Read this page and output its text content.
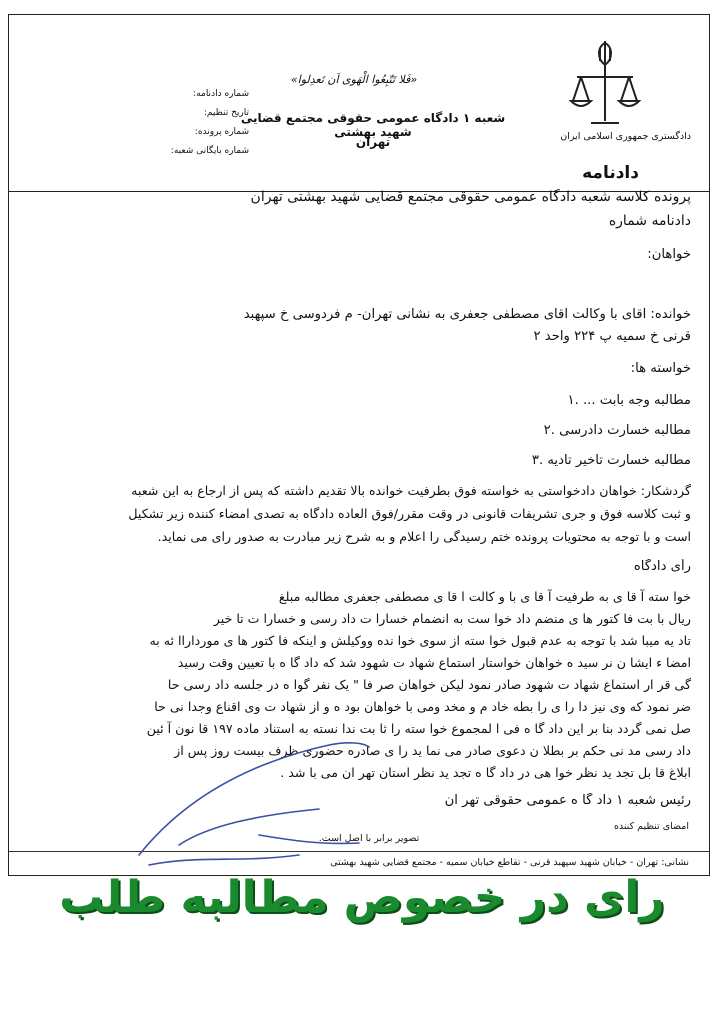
دادگستری جمهوری اسلامی ایران
«فَلا تَتّبِعُوا الْهَوی اَن تَعدِلوا»
شعبه ۱ دادگاه عمومی حقوقی مجتمع قضایی شهید بهشتی
تهران
شماره دادنامه:
تاریخ تنظیم:
شماره پرونده:
شماره بایگانی شعبه:
دادنامه
پرونده کلاسه شعبه دادگاه عمومی حقوقی مجتمع قضایی شهید بهشتی تهران
دادنامه شماره
خواهان:
خوانده: آقای با وکالت آقای مصطفی جعفری به نشانی تهران- م فردوسی خ سپهبد
قرنی خ سمیه پ ۲۲۴ واحد ۲
خواسته ها:
مطالبه وجه بابت ... .۱
مطالبه خسارت دادرسی .۲
مطالبه خسارت تاخیر تادیه .۳
گردشکار: خواهان دادخواستی به خواسته فوق بطرفیت خوانده بالا تقدیم داشته که پس از ارجاع به این شعبه
و ثبت کلاسه فوق و جری تشریفات قانونی در وقت مقرر/فوق العاده دادگاه به تصدی امضاء کننده زیر تشکیل
است و با توجه به محتویات پرونده ختم رسیدگی را اعلام و به شرح زیر مبادرت به صدور رای می نماید.
رأی دادگاه
خوا سته آ قا ی به طرفیت آ قا ی با و کالت ا قا ی مصطفی جعفری مطالبه مبلغ
ریال با بت فا کتور ها ی منضم داد خوا ست به انضمام خسارا ت داد رسی و خسارا ت تا خیر
تاد یه میبا شد با توجه به عدم قبول خوا سته از سوی خوا نده ووکیلش و اینکه فا کتور ها ی مورداراا ئه به
امضا ء ایشا ن نر سید ه خواهان خواستار استماع شهاد ت شهود شد که داد گا ه با تعیین وقت رسید
گی قر ار استماع شهاد ت شهود صادر نمود لیکن خواهان صر فا " یک نفر گوا ه در جلسه داد رسی حا
ضر نمود که وی نیز دا را ی را بطه خاد م و مخد ومی با خواهان بود ه و از شهاد ت وی اقناع وجدا نی حا
صل نمی گردد بنا بر این داد گا ه فی ا لمجموع خوا سته را ثا بت ندا نسته به استناد ماده ۱۹۷ قا نون آ ئین
داد رسی مد نی حکم بر بطلا ن دعوی صادر می نما ید را ی صادره حضوری ظرف بیست روز پس از
ابلاغ قا بل تجد ید نظر خوا هی در داد گا ه تجد ید نظر استان تهر ان می با شد .
رئیس شعبه ۱ داد گا ه عمومی حقوقی تهر ان
امضای تنظیم کننده
تصویر برابر با اصل است.
نشانی: تهران - خیابان شهید سپهبد قرنی - تقاطع خیابان سمیه - مجتمع قضایی شهید بهشتی
رای در خصوص مطالبه طلب
